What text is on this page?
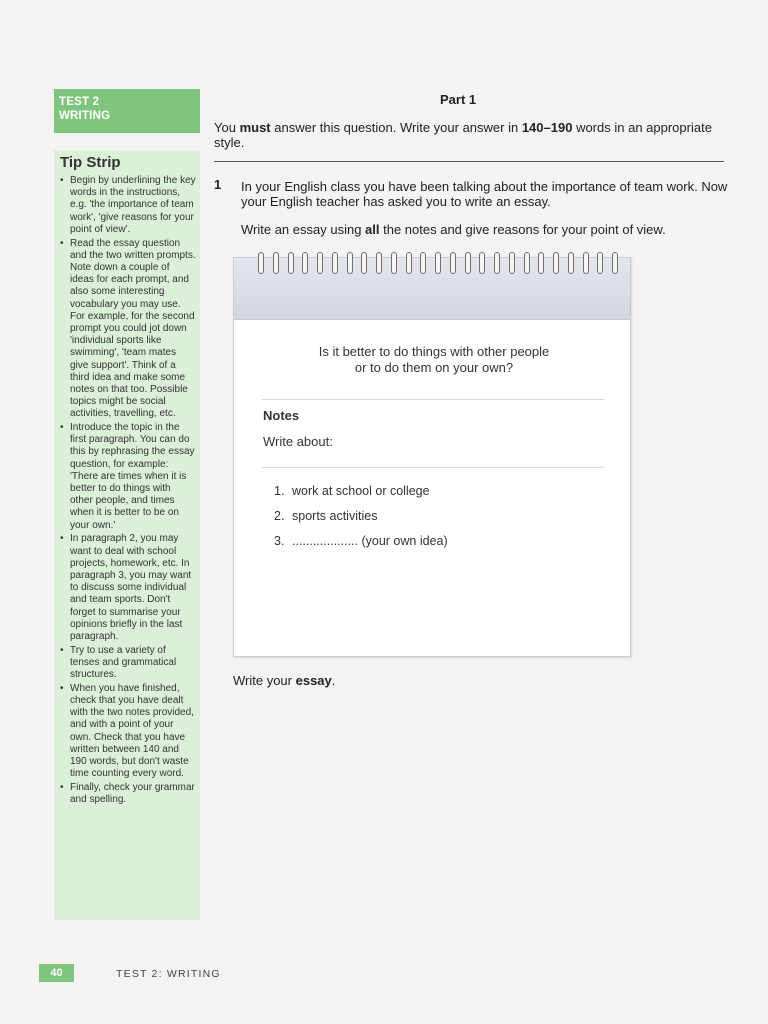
TEST 2
WRITING
Tip Strip
• Begin by underlining the key words in the instructions, e.g. 'the importance of team work', 'give reasons for your point of view'.
• Read the essay question and the two written prompts. Note down a couple of ideas for each prompt, and also some interesting vocabulary you may use. For example, for the second prompt you could jot down 'individual sports like swimming', 'team mates give support'. Think of a third idea and make some notes on that too. Possible topics might be social activities, travelling, etc.
• Introduce the topic in the first paragraph. You can do this by rephrasing the essay question, for example: 'There are times when it is better to do things with other people, and times when it is better to be on your own.'
• In paragraph 2, you may want to deal with school projects, homework, etc. In paragraph 3, you may want to discuss some individual and team sports. Don't forget to summarise your opinions briefly in the last paragraph.
• Try to use a variety of tenses and grammatical structures.
• When you have finished, check that you have dealt with the two notes provided, and with a point of your own. Check that you have written between 140 and 190 words, but don't waste time counting every word.
• Finally, check your grammar and spelling.
Part 1
You must answer this question. Write your answer in 140–190 words in an appropriate style.
1 In your English class you have been talking about the importance of team work. Now your English teacher has asked you to write an essay.
Write an essay using all the notes and give reasons for your point of view.
Is it better to do things with other people
or to do them on your own?
Notes
Write about:
1. work at school or college
2. sports activities
3. ................... (your own idea)
Write your essay.
40	TEST 2: WRITING
